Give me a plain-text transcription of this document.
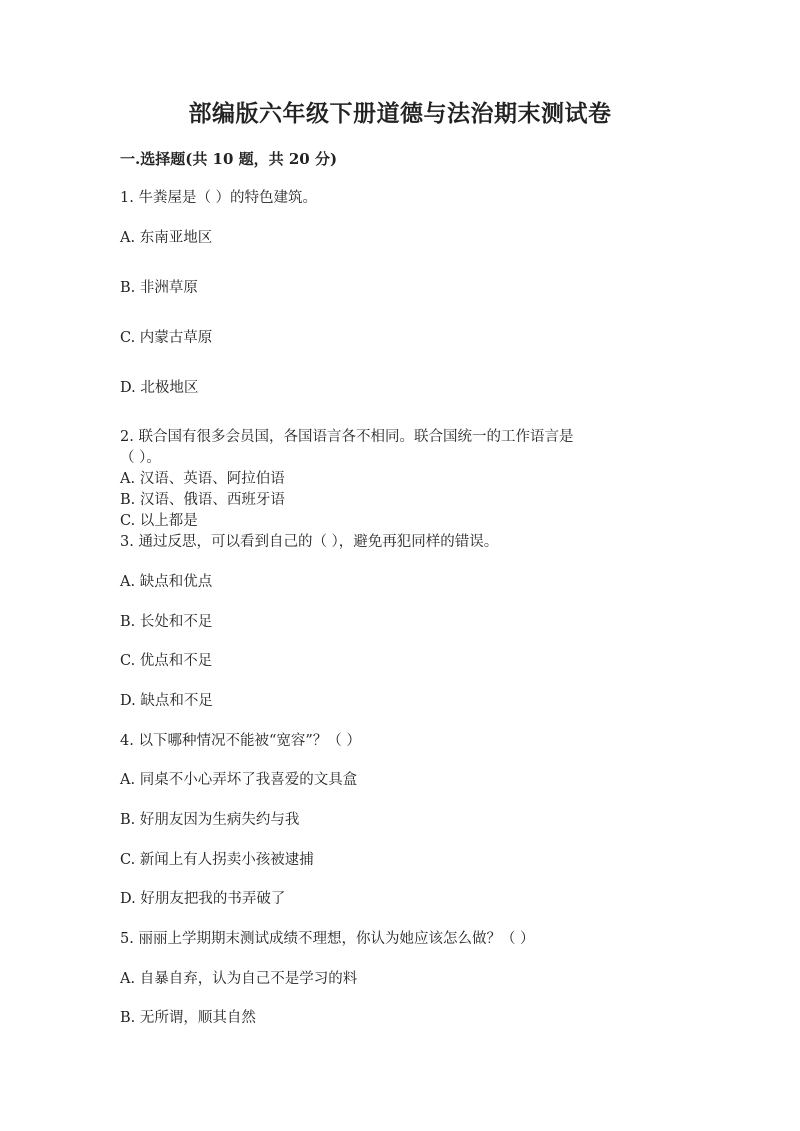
部编版六年级下册道德与法治期末测试卷
一.选择题(共 10 题，共 20 分)
1. 牛粪屋是（ ）的特色建筑。
A. 东南亚地区
B. 非洲草原
C. 内蒙古草原
D. 北极地区
2. 联合国有很多会员国，各国语言各不相同。联合国统一的工作语言是
（ ）。
A. 汉语、英语、阿拉伯语
B. 汉语、俄语、西班牙语
C. 以上都是
3. 通过反思，可以看到自己的（ ），避免再犯同样的错误。
A. 缺点和优点
B. 长处和不足
C. 优点和不足
D. 缺点和不足
4. 以下哪种情况不能被“宽容”？（ ）
A. 同桌不小心弄坏了我喜爱的文具盒
B. 好朋友因为生病失约与我
C. 新闻上有人拐卖小孩被逮捕
D. 好朋友把我的书弄破了
5. 丽丽上学期期末测试成绩不理想，你认为她应该怎么做？（ ）
A. 自暴自弃，认为自己不是学习的料
B. 无所谓，顺其自然
